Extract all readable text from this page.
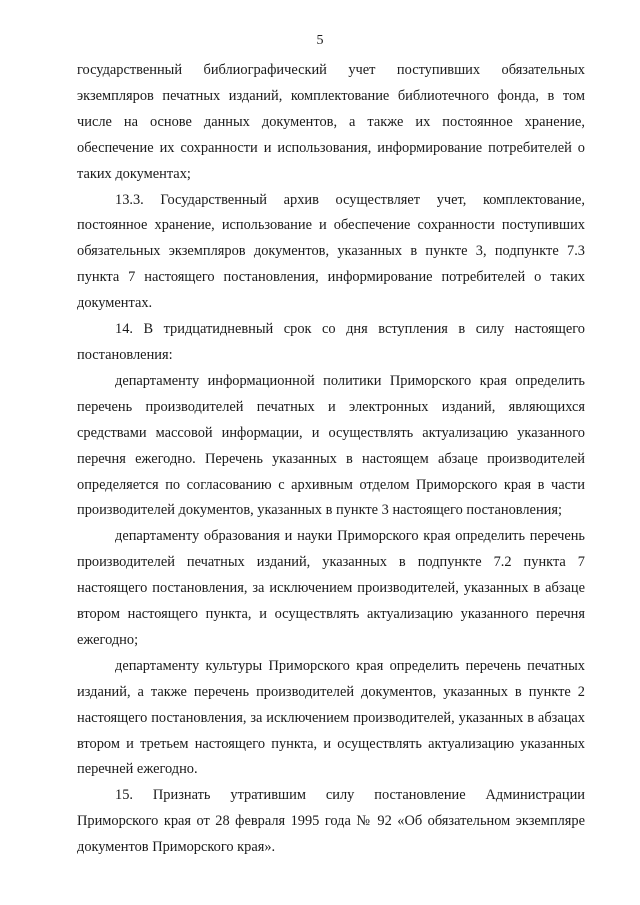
5

государственный библиографический учет поступивших обязательных экземпляров печатных изданий, комплектование библиотечного фонда, в том числе на основе данных документов, а также их постоянное хранение, обеспечение их сохранности и использования, информирование потребителей о таких документах;

13.3. Государственный архив осуществляет учет, комплектование, постоянное хранение, использование и обеспечение сохранности поступивших обязательных экземпляров документов, указанных в пункте 3, подпункте 7.3 пункта 7 настоящего постановления, информирование потребителей о таких документах.

14. В тридцатидневный срок со дня вступления в силу настоящего постановления:

департаменту информационной политики Приморского края определить перечень производителей печатных и электронных изданий, являющихся средствами массовой информации, и осуществлять актуализацию указанного перечня ежегодно. Перечень указанных в настоящем абзаце производителей определяется по согласованию с архивным отделом Приморского края в части производителей документов, указанных в пункте 3 настоящего постановления;

департаменту образования и науки Приморского края определить перечень производителей печатных изданий, указанных в подпункте 7.2 пункта 7 настоящего постановления, за исключением производителей, указанных в абзаце втором настоящего пункта, и осуществлять актуализацию указанного перечня ежегодно;

департаменту культуры Приморского края определить перечень печатных изданий, а также перечень производителей документов, указанных в пункте 2 настоящего постановления, за исключением производителей, указанных в абзацах втором и третьем настоящего пункта, и осуществлять актуализацию указанных перечней ежегодно.

15. Признать утратившим силу постановление Администрации Приморского края от 28 февраля 1995 года № 92 «Об обязательном экземпляре документов Приморского края».
